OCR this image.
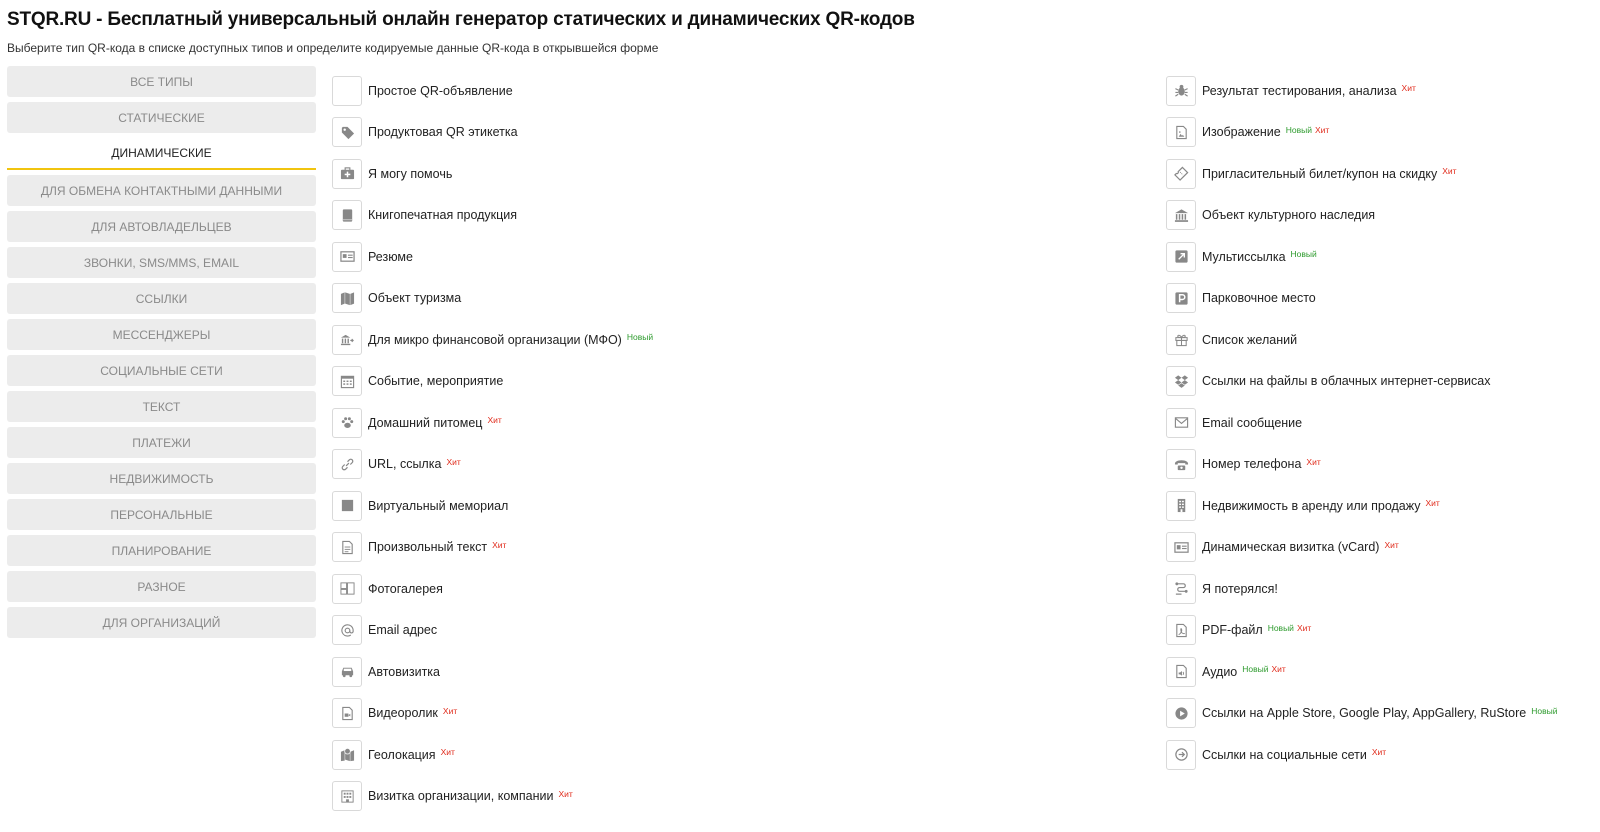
STQR.RU - Бесплатный универсальный онлайн генератор статических и динамических QR-кодов
Выберите тип QR-кода в списке доступных типов и определите кодируемые данные QR-кода в открывшейся форме
ВСЕ ТИПЫ
СТАТИЧЕСКИЕ
ДИНАМИЧЕСКИЕ
ДЛЯ ОБМЕНА КОНТАКТНЫМИ ДАННЫМИ
ДЛЯ АВТОВЛАДЕЛЬЦЕВ
ЗВОНКИ, SMS/MMS, EMAIL
ССЫЛКИ
МЕССЕНДЖЕРЫ
СОЦИАЛЬНЫЕ СЕТИ
ТЕКСТ
ПЛАТЕЖИ
НЕДВИЖИМОСТЬ
ПЕРСОНАЛЬНЫЕ
ПЛАНИРОВАНИЕ
РАЗНОЕ
ДЛЯ ОРГАНИЗАЦИЙ
Простое QR-объявление
Продуктовая QR этикетка
Я могу помочь
Книгопечатная продукция
Резюме
Объект туризма
Для микро финансовой организации (МФО) Новый
Событие, мероприятие
Домашний питомец Хит
URL, ссылка Хит
Виртуальный мемориал
Произвольный текст Хит
Фотогалерея
Email адрес
Автовизитка
Видеоролик Хит
Геолокация Хит
Визитка организации, компании Хит
Результат тестирования, анализа Хит
Изображение Новый Хит
Пригласительный билет/купон на скидку Хит
Объект культурного наследия
Мультиссылка Новый
Парковочное место
Список желаний
Ссылки на файлы в облачных интернет-сервисах
Email сообщение
Номер телефона Хит
Недвижимость в аренду или продажу Хит
Динамическая визитка (vCard) Хит
Я потерялся!
PDF-файл Новый Хит
Аудио Новый Хит
Ссылки на Apple Store, Google Play, AppGallery, RuStore Новый
Ссылки на социальные сети Хит
